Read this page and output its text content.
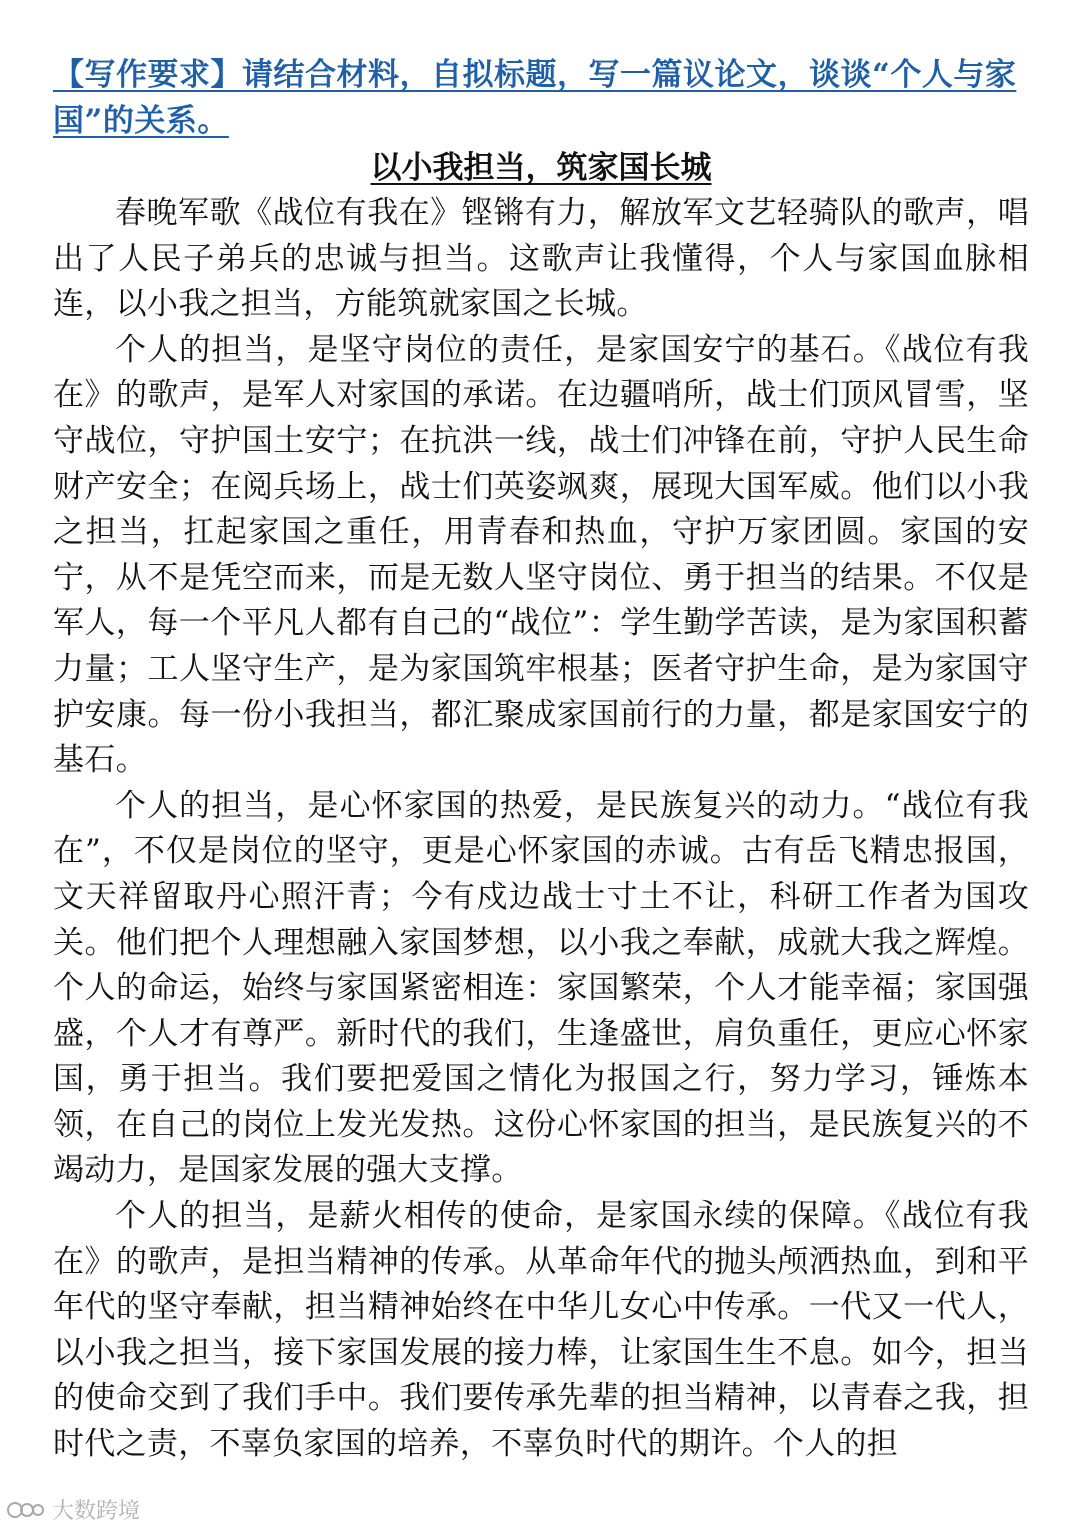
【写作要求】请结合材料，自拟标题，写一篇议论文，谈谈“个人与家国”的关系。

以小我担当，筑家国长城

春晚军歌《战位有我在》铿锵有力，解放军文艺轻骑队的歌声，唱出了人民子弟兵的忠诚与担当。这歌声让我懂得，个人与家国血脉相连，以小我之担当，方能筑就家国之长城。

个人的担当，是坚守岗位的责任，是家国安宁的基石。《战位有我在》的歌声，是军人对家国的承诺。在边疆哨所，战士们顶风冒雪，坚守战位，守护国土安宁；在抗洪一线，战士们冲锋在前，守护人民生命财产安全；在阅兵场上，战士们英姿飒爽，展现大国军威。他们以小我之担当，扛起家国之重任，用青春和热血，守护万家团圆。家国的安宁，从不是凭空而来，而是无数人坚守岗位、勇于担当的结果。不仅是军人，每一个平凡人都有自己的“战位”：学生勤学苦读，是为家国积蓄力量；工人坚守生产，是为家国筑牢根基；医者守护生命，是为家国守护安康。每一份小我担当，都汇聚成家国前行的力量，都是家国安宁的基石。

个人的担当，是心怀家国的热爱，是民族复兴的动力。“战位有我在”，不仅是岗位的坚守，更是心怀家国的赤诚。古有岳飞精忠报国，文天祥留取丹心照汗青；今有戍边战士寸土不让，科研工作者为国攻关。他们把个人理想融入家国梦想，以小我之奉献，成就大我之辉煌。个人的命运，始终与家国紧密相连：家国繁荣，个人才能幸福；家国强盛，个人才有尊严。新时代的我们，生逢盛世，肩负重任，更应心怀家国，勇于担当。我们要把爱国之情化为报国之行，努力学习，锤炼本领，在自己的岗位上发光发热。这份心怀家国的担当，是民族复兴的不竭动力，是国家发展的强大支撑。

个人的担当，是薪火相传的使命，是家国永续的保障。《战位有我在》的歌声，是担当精神的传承。从革命年代的抛头颅洒热血，到和平年代的坚守奉献，担当精神始终在中华儿女心中传承。一代又一代人，以小我之担当，接下家国发展的接力棒，让家国生生不息。如今，担当的使命交到了我们手中。我们要传承先辈的担当精神，以青春之我，担时代之责，不辜负家国的培养，不辜负时代的期许。个人的担

大数跨境
